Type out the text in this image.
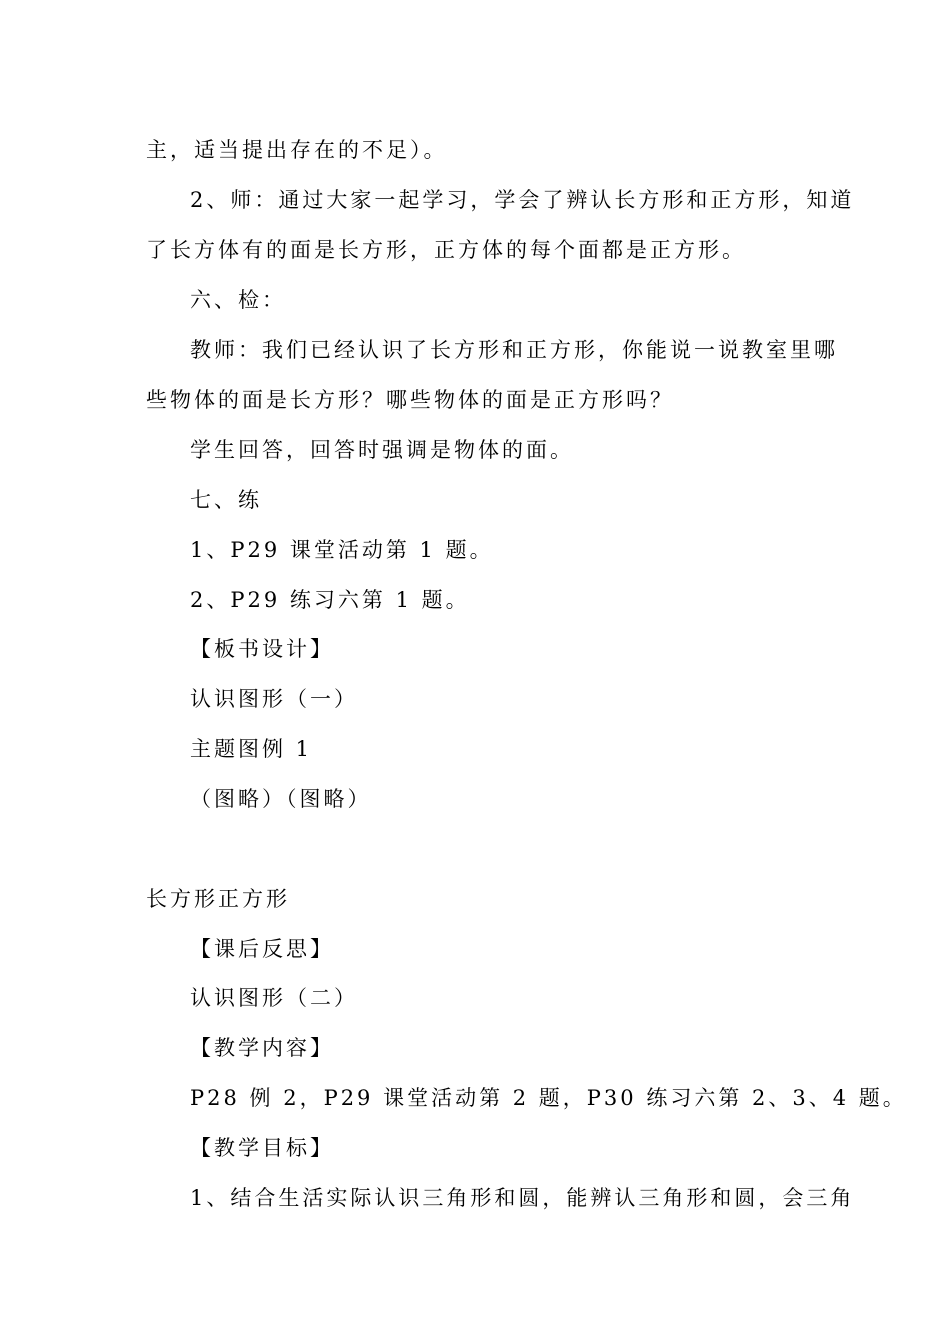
主，适当提出存在的不足）。
2、师：通过大家一起学习，学会了辨认长方形和正方形，知道
了长方体有的面是长方形，正方体的每个面都是正方形。
六、检：
教师：我们已经认识了长方形和正方形，你能说一说教室里哪
些物体的面是长方形？哪些物体的面是正方形吗？
学生回答，回答时强调是物体的面。
七、练
1、P29 课堂活动第 1 题。
2、P29 练习六第 1 题。
【板书设计】
认识图形（一）
主题图例 1
（图略）（图略）
长方形正方形
【课后反思】
认识图形（二）
【教学内容】
P28 例 2，P29 课堂活动第 2 题，P30 练习六第 2、3、4 题。
【教学目标】
1、结合生活实际认识三角形和圆，能辨认三角形和圆，会三角
